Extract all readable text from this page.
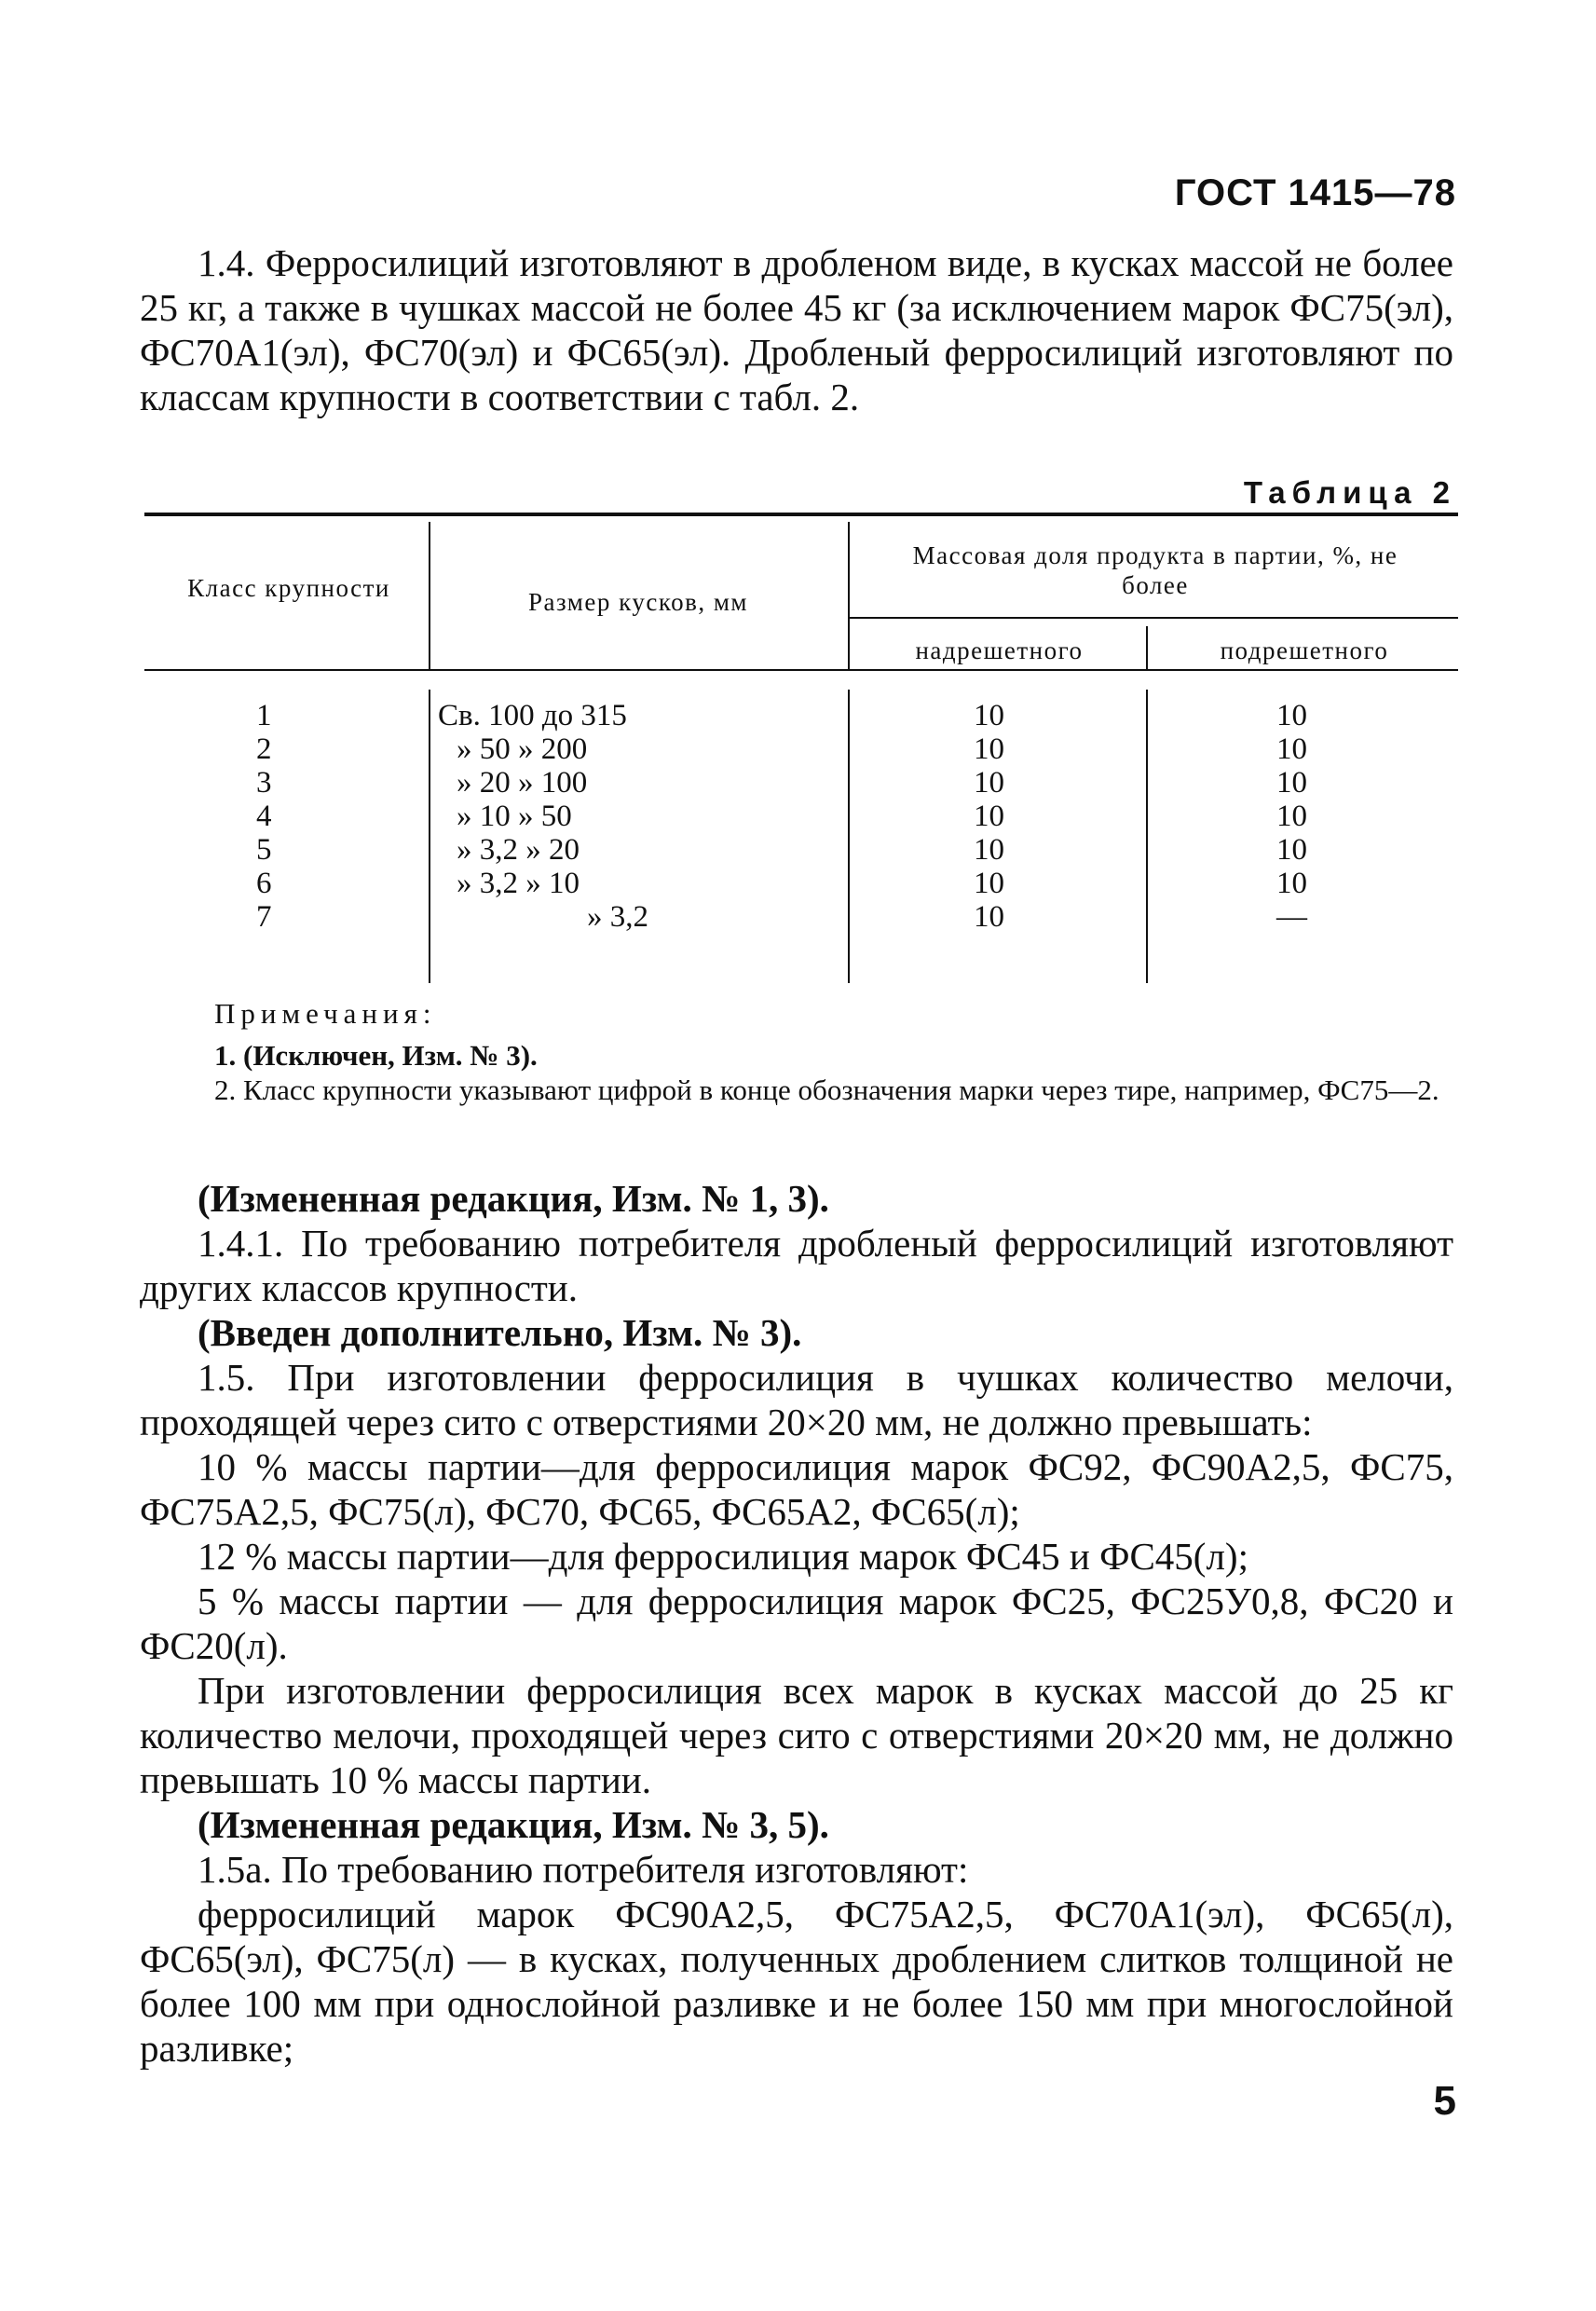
ГОСТ 1415—78

1.4. Ферросилиций изготовляют в дробленом виде, в кусках массой не более 25 кг, а также в чушках массой не более 45 кг (за исключением марок ФС75(эл), ФС70А1(эл), ФС70(эл) и ФС65(эл). Дробленый ферросилиций изготовляют по классам крупности в соответствии с табл. 2.

Таблица 2
Класс крупности	Размер кусков, мм
Массовая доля продукта в партии, %, не более
надрешетного	подрешетного
1	Св. 100 до 315	10	10
2	» 50 » 200	10	10
3	» 20 » 100	10	10
4	» 10 » 50	10	10
5	» 3,2 » 20	10	10
6	» 3,2 » 10	10	10
7	» 3,2	10	—

Примечания:

1. (Исключен, Изм. № 3).

2. Класс крупности указывают цифрой в конце обозначения марки через тире, например, ФС75—2.

(Измененная редакция, Изм. № 1, 3).

1.4.1. По требованию потребителя дробленый ферросилиций изготовляют других классов крупности.

(Введен дополнительно, Изм. № 3).

1.5. При изготовлении ферросилиция в чушках количество мелочи, проходящей через сито с отверстиями 20×20 мм, не должно превышать:

10 % массы партии—для ферросилиция марок ФС92, ФС90А2,5, ФС75, ФС75А2,5, ФС75(л), ФС70, ФС65, ФС65А2, ФС65(л);

12 % массы партии—для ферросилиция марок ФС45 и ФС45(л);

5 % массы партии — для ферросилиция марок ФС25, ФС25У0,8, ФС20 и ФС20(л).

При изготовлении ферросилиция всех марок в кусках массой до 25 кг количество мелочи, проходящей через сито с отверстиями 20×20 мм, не должно превышать 10 % массы партии.

(Измененная редакция, Изм. № 3, 5).

1.5а. По требованию потребителя изготовляют:

ферросилиций марок ФС90А2,5, ФС75А2,5, ФС70А1(эл), ФС65(л), ФС65(эл), ФС75(л) — в кусках, полученных дроблением слитков толщиной не более 100 мм при однослойной разливке и не более 150 мм при многослойной разливке;

5
